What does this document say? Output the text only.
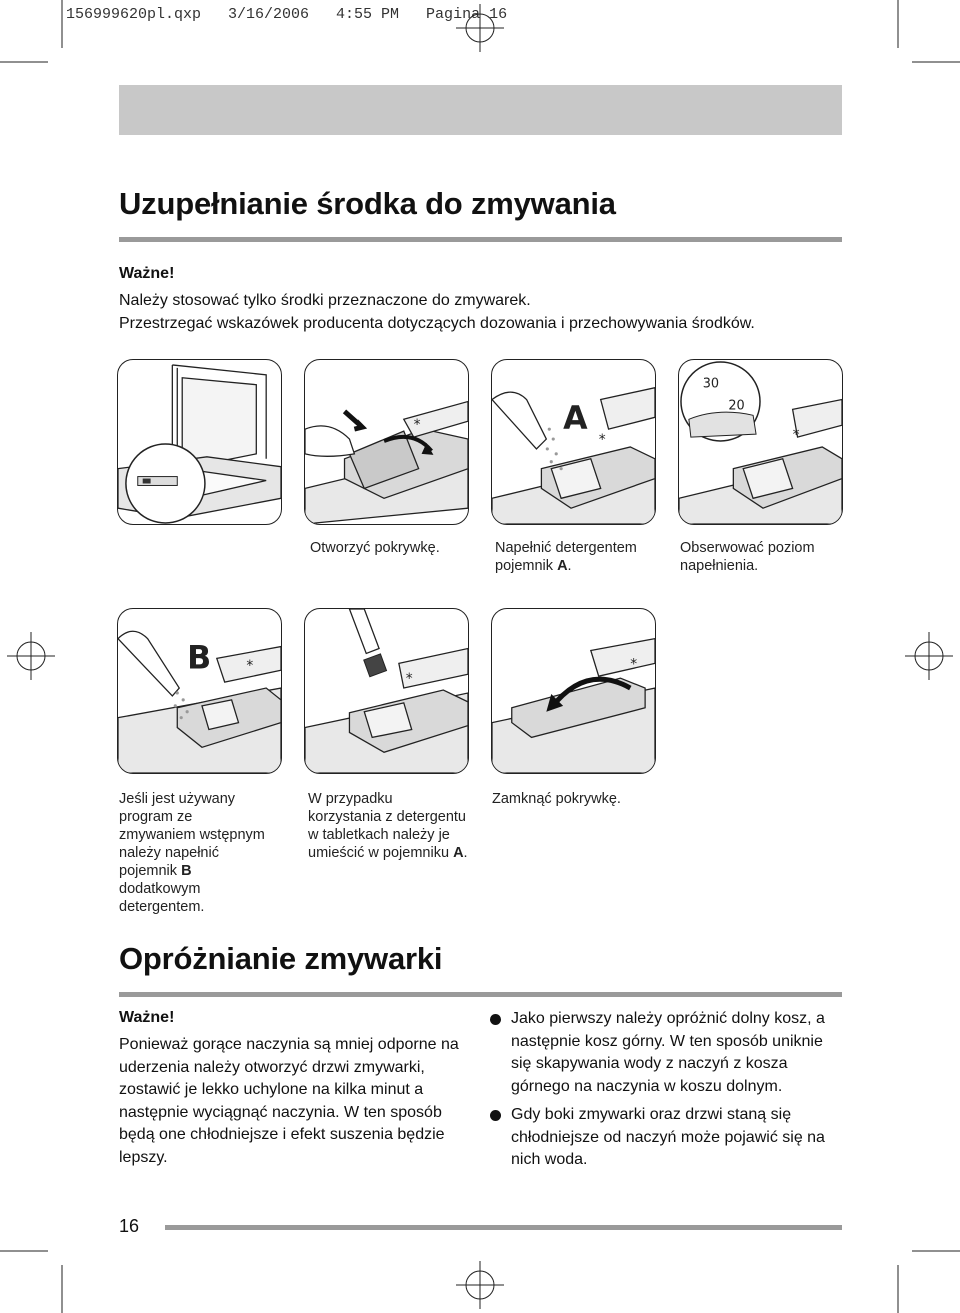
156999620pl.qxp   3/16/2006   4:55 PM   Pagina 16
Uzupełnianie środka do zmywania
Ważne!
Należy stosować tylko środki przeznaczone do zmywarek.
Przestrzegać wskazówek producenta dotyczących dozowania i przechowywania środków.
*	A
*
30
20
*
Otworzyć pokrywkę.	Napełnić detergentem pojemnik A.
Obserwować poziom napełnienia.
B	*
*
*
Jeśli jest używany program ze zmywaniem wstępnym należy napełnić pojemnik B dodatkowym detergentem.
W przypadku korzystania z detergentu w tabletkach należy je umieścić w pojemniku A.
Zamknąć pokrywkę.
Opróżnianie zmywarki
Ważne!
Ponieważ gorące naczynia są mniej odporne na uderzenia należy otworzyć drzwi zmywarki, zostawić je lekko uchylone na kilka minut a następnie wyciągnąć naczynia. W ten sposób będą one chłodniejsze i efekt suszenia będzie lepszy.
Jako pierwszy należy opróżnić dolny kosz, a następnie kosz górny. W ten sposób uniknie się skapywania wody z naczyń z kosza górnego na naczynia w koszu dolnym.
Gdy boki zmywarki oraz drzwi staną się chłodniejsze od naczyń może pojawić się na nich woda.
16
